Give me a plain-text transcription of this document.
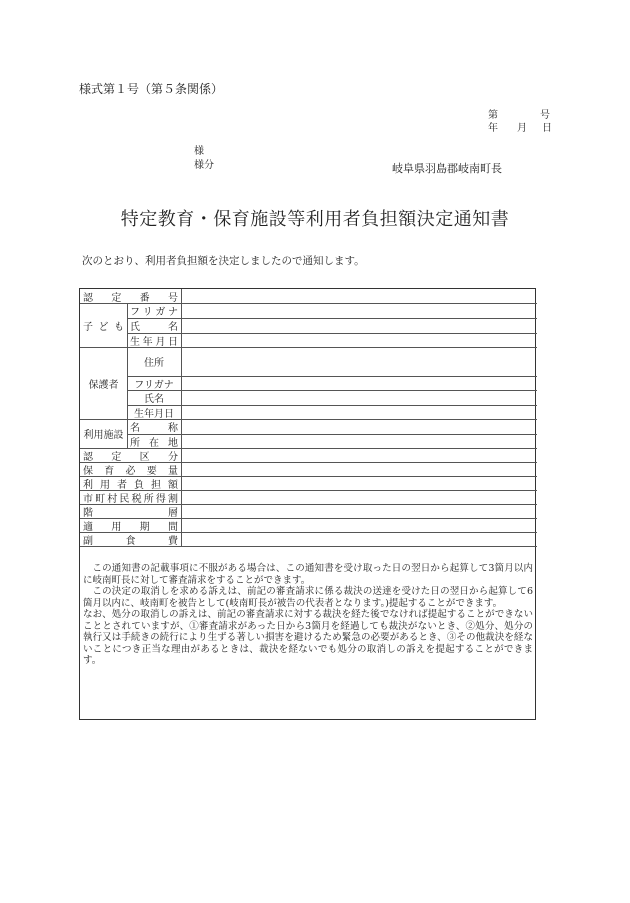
様式第１号（第５条関係）
第	号
年 月 日
様
様分	岐阜県羽島郡岐南町長
特定教育・保育施設等利用者負担額決定通知書
次のとおり、利用者負担額を決定しましたので通知します。
認 定 番 号
子 ど も
フ リ ガ ナ
氏	名
生 年 月 日
保護者
住所
フリガナ
氏名
生年月日
利用施設
名	称
所 在 地
認 定 区 分
保 育 必 要 量
利 用 者 負 担 額
市 町 村 民 税 所 得 割
階	層
適 用 期 間
副	食	費

この通知書の記載事項に不服がある場合は、この通知書を受け取った日の翌日から起算して3箇月以内に岐南町長に対して審査請求をすることができます。

この決定の取消しを求める訴えは、前記の審査請求に係る裁決の送達を受けた日の翌日から起算して6箇月以内に、岐南町を被告として(岐南町長が被告の代表者となります。)提起することができます。

なお、処分の取消しの訴えは、前記の審査請求に対する裁決を経た後でなければ提起することができないこととされていますが、①審査請求があった日から3箇月を経過しても裁決がないとき、②処分、処分の執行又は手続きの続行により生ずる著しい損害を避けるため緊急の必要があるとき、③その他裁決を経ないことにつき正当な理由があるときは、裁決を経ないでも処分の取消しの訴えを提起することができます。
